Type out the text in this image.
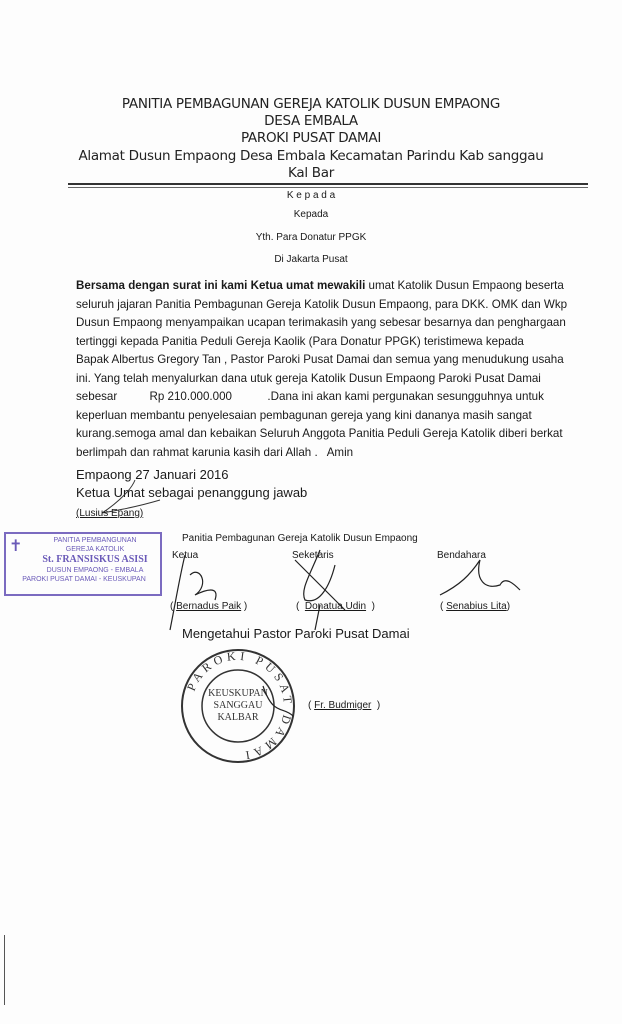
PANITIA PEMBAGUNAN GEREJA KATOLIK DUSUN EMPAONG
DESA EMBALA
PAROKI PUSAT DAMAI
Alamat Dusun Empaong Desa Embala Kecamatan Parindu Kab sanggau
Kal Bar
K e p a d a
Kepada
Yth. Para Donatur PPGK
Di Jakarta Pusat

Bersama dengan surat ini kami Ketua umat mewakili umat Katolik Dusun Empaong beserta

seluruh jajaran Panitia Pembagunan Gereja Katolik Dusun Empaong, para DKK. OMK dan Wkp

Dusun Empaong menyampaikan ucapan terimakasih yang sebesar besarnya dan penghargaan

tertinggi kepada Panitia Peduli Gereja Kaolik (Para Donatur PPGK) teristimewa kepada

Bapak Albertus Gregory Tan , Pastor Paroki Pusat Damai dan semua yang menudukung usaha

ini. Yang telah menyalurkan dana utuk gereja Katolik Dusun Empaong Paroki Pusat Damai

sebesar          Rp 210.000.000           .Dana ini akan kami pergunakan sesungguhnya untuk

keperluan membantu penyelesaian pembagunan gereja yang kini dananya masih sangat

kurang.semoga amal dan kebaikan Seluruh Anggota Panitia Peduli Gereja Katolik diberi berkat

berlimpah dan rahmat karunia kasih dari Allah .   Amin

Empaong 27 Januari 2016
Ketua Umat sebagai penanggung jawab
(Lusius Epang)
PANITIA PEMBANGUNAN
GEREJA KATOLIK
St. FRANSISKUS ASISI
DUSUN EMPAONG - EMBALA
PAROKI PUSAT DAMAI - KEUSKUPAN
✝	Panitia Pembagunan Gereja Katolik Dusun Empaong
Ketua	Seketaris	Bendahara
( Bernadus Paik )	(  Donatua Udin  )	( Senabius Lita)
Mengetahui Pastor Paroki Pusat Damai
PAROKI PUSAT DAMAI
KEUSKUPAN
SANGGAU
KALBAR
( Fr. Budmiger  )
